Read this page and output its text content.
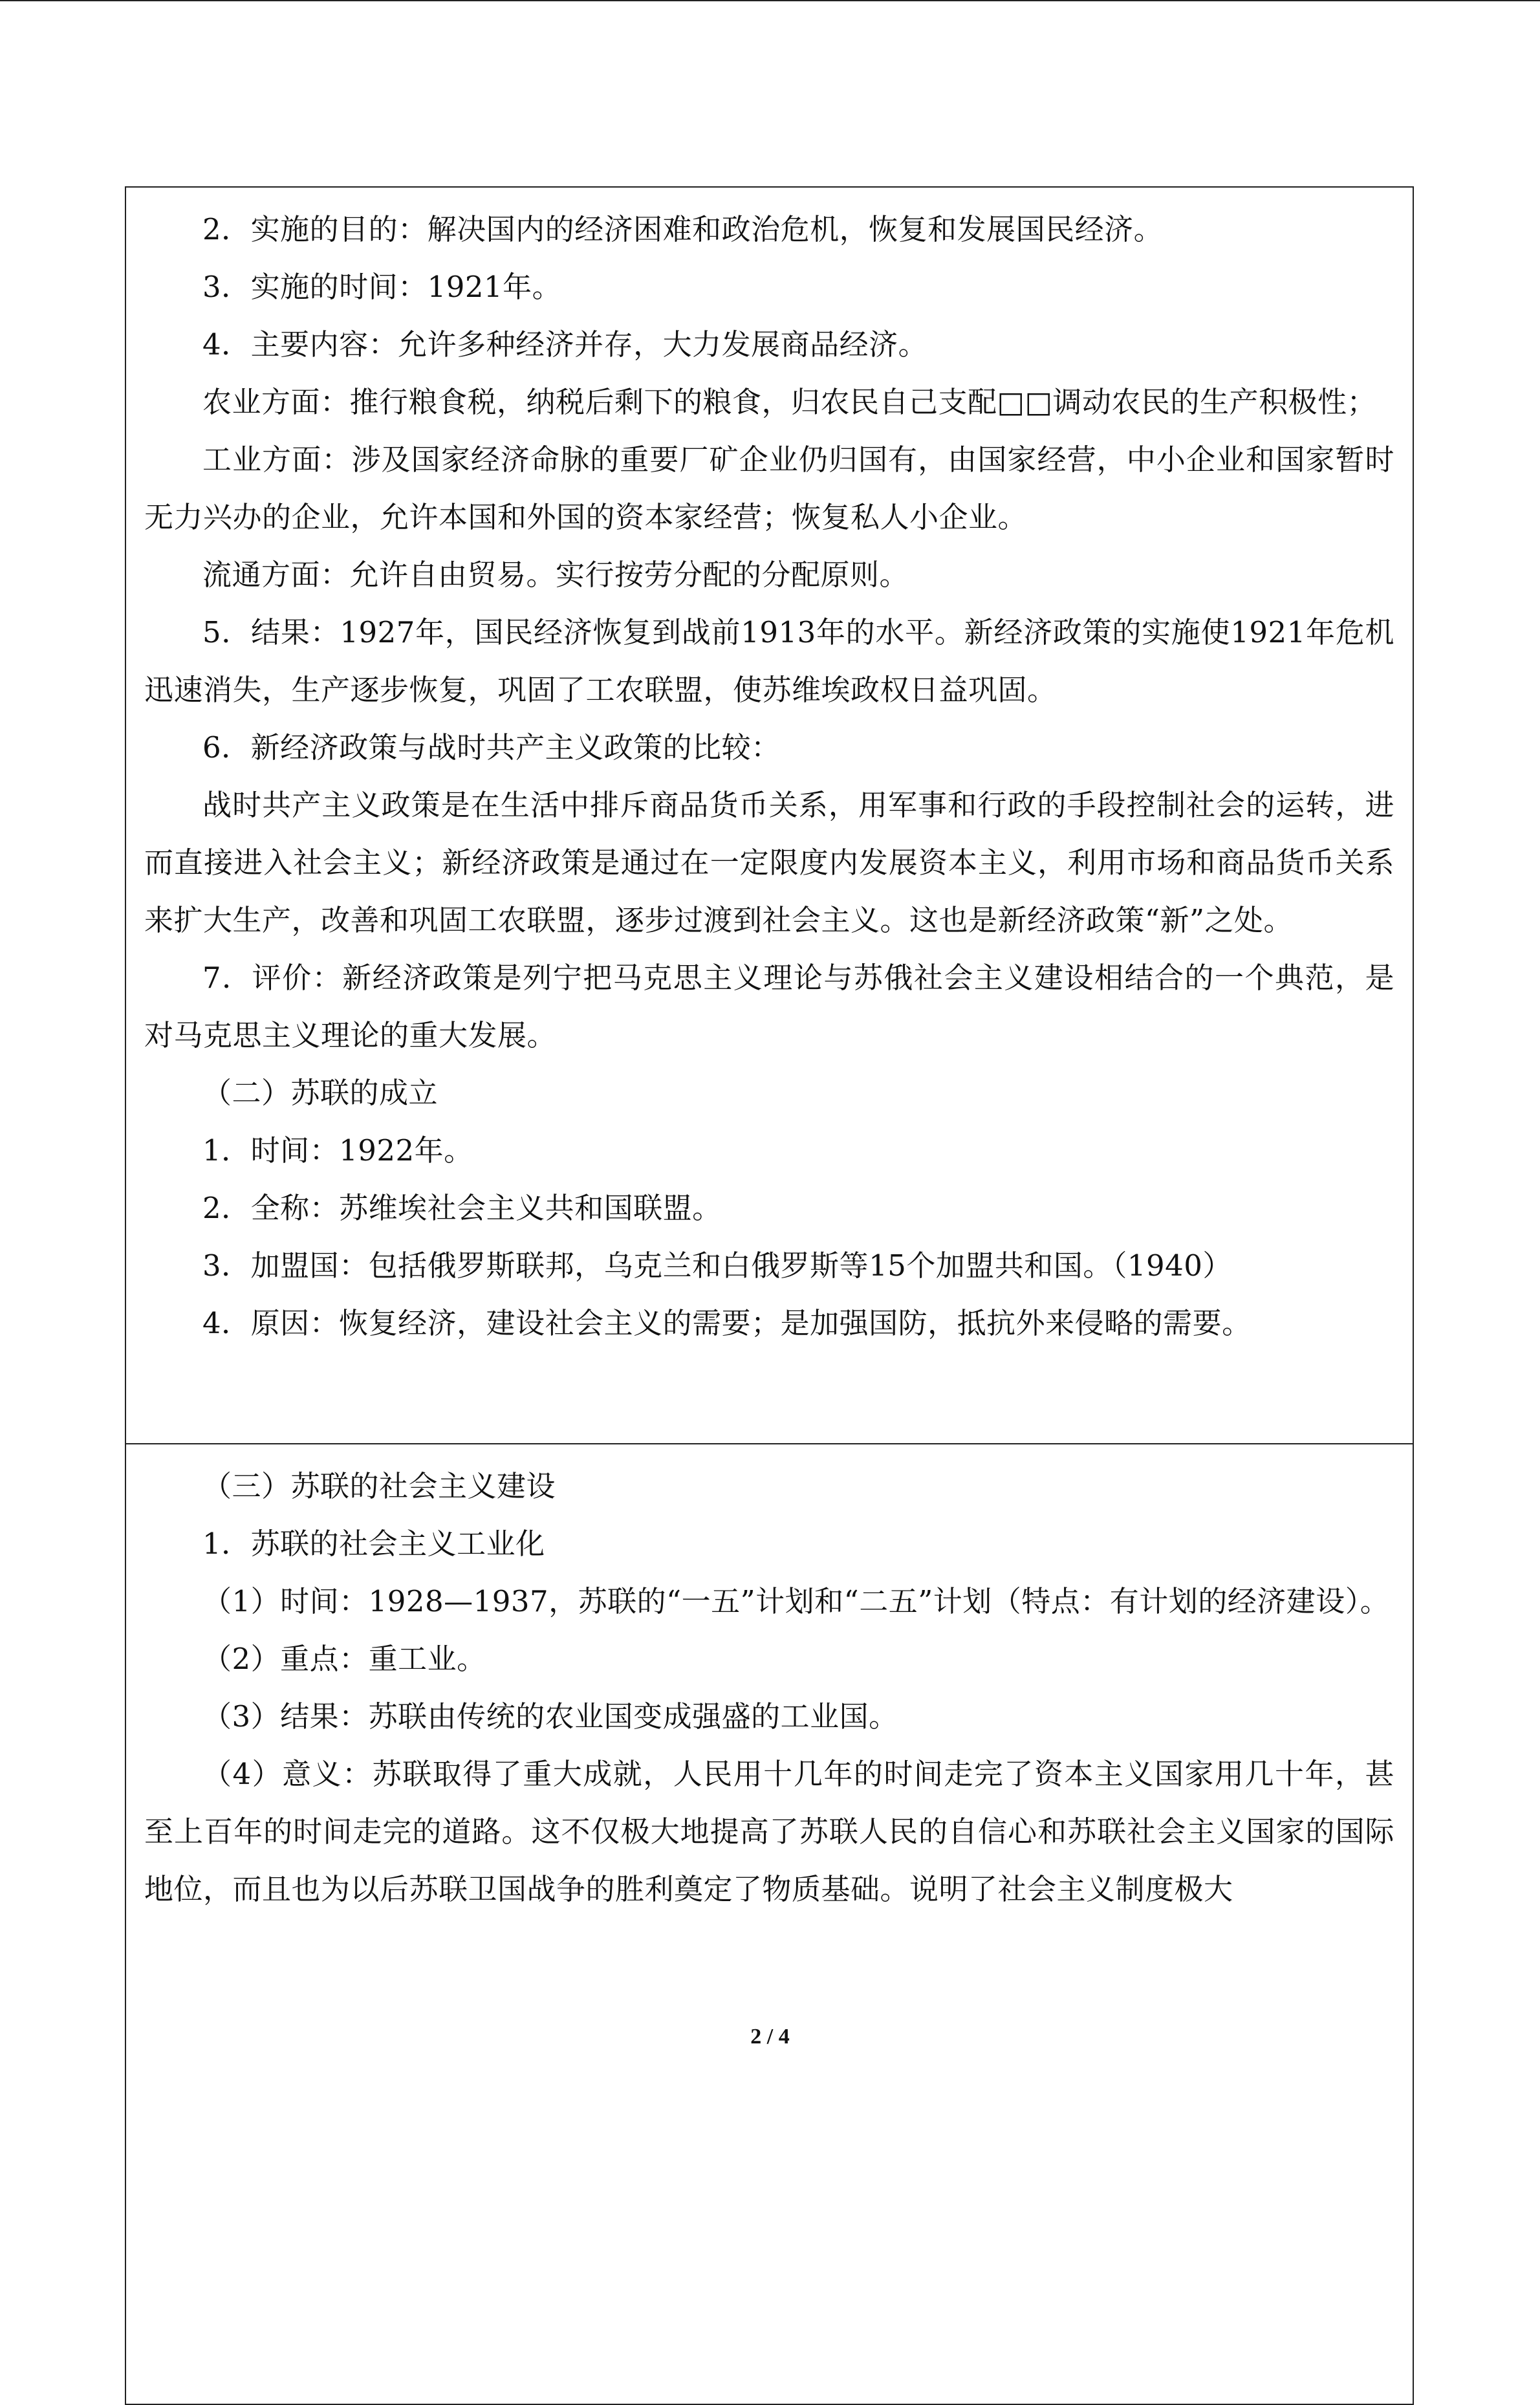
2．实施的目的：解决国内的经济困难和政治危机，恢复和发展国民经济。

3．实施的时间：1921年。

4．主要内容：允许多种经济并存，大力发展商品经济。

农业方面：推行粮食税，纳税后剩下的粮食，归农民自己支配□□调动农民的生产积极性；

工业方面：涉及国家经济命脉的重要厂矿企业仍归国有，由国家经营，中小企业和国家暂时无力兴办的企业，允许本国和外国的资本家经营；恢复私人小企业。

流通方面：允许自由贸易。实行按劳分配的分配原则。

5．结果：1927年，国民经济恢复到战前1913年的水平。新经济政策的实施使1921年危机迅速消失，生产逐步恢复，巩固了工农联盟，使苏维埃政权日益巩固。

6．新经济政策与战时共产主义政策的比较：

战时共产主义政策是在生活中排斥商品货币关系，用军事和行政的手段控制社会的运转，进而直接进入社会主义；新经济政策是通过在一定限度内发展资本主义，利用市场和商品货币关系来扩大生产，改善和巩固工农联盟，逐步过渡到社会主义。这也是新经济政策“新”之处。

7．评价：新经济政策是列宁把马克思主义理论与苏俄社会主义建设相结合的一个典范，是对马克思主义理论的重大发展。

（二）苏联的成立

1．时间：1922年。

2．全称：苏维埃社会主义共和国联盟。

3．加盟国：包括俄罗斯联邦，乌克兰和白俄罗斯等15个加盟共和国。（1940）

4．原因：恢复经济，建设社会主义的需要；是加强国防，抵抗外来侵略的需要。

（三）苏联的社会主义建设

1．苏联的社会主义工业化

（1）时间：1928—1937，苏联的“一五”计划和“二五”计划（特点：有计划的经济建设）。

（2）重点：重工业。

（3）结果：苏联由传统的农业国变成强盛的工业国。

（4）意义：苏联取得了重大成就，人民用十几年的时间走完了资本主义国家用几十年，甚至上百年的时间走完的道路。这不仅极大地提高了苏联人民的自信心和苏联社会主义国家的国际地位，而且也为以后苏联卫国战争的胜利奠定了物质基础。说明了社会主义制度极大

2 / 4
